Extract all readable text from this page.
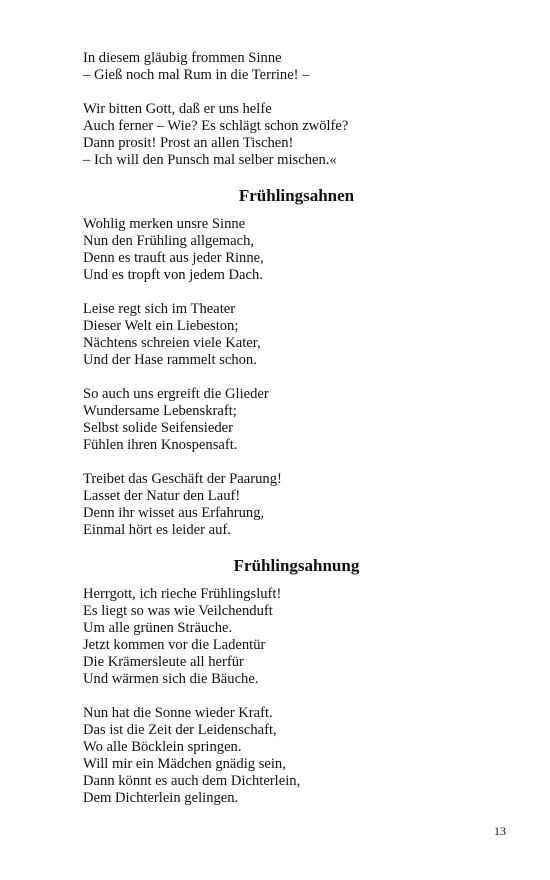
In diesem gläubig frommen Sinne
– Gieß noch mal Rum in die Terrine! –
Wir bitten Gott, daß er uns helfe
Auch ferner – Wie? Es schlägt schon zwölfe?
Dann prosit! Prost an allen Tischen!
– Ich will den Punsch mal selber mischen.«
Frühlingsahnen
Wohlig merken unsre Sinne
Nun den Frühling allgemach,
Denn es trauft aus jeder Rinne,
Und es tropft von jedem Dach.
Leise regt sich im Theater
Dieser Welt ein Liebeston;
Nächtens schreien viele Kater,
Und der Hase rammelt schon.
So auch uns ergreift die Glieder
Wundersame Lebenskraft;
Selbst solide Seifensieder
Fühlen ihren Knospensaft.
Treibet das Geschäft der Paarung!
Lasset der Natur den Lauf!
Denn ihr wisset aus Erfahrung,
Einmal hört es leider auf.
Frühlingsahnung
Herrgott, ich rieche Frühlingsluft!
Es liegt so was wie Veilchenduft
Um alle grünen Sträuche.
Jetzt kommen vor die Ladentür
Die Krämersleute all herfür
Und wärmen sich die Bäuche.
Nun hat die Sonne wieder Kraft.
Das ist die Zeit der Leidenschaft,
Wo alle Böcklein springen.
Will mir ein Mädchen gnädig sein,
Dann könnt es auch dem Dichterlein,
Dem Dichterlein gelingen.
13
